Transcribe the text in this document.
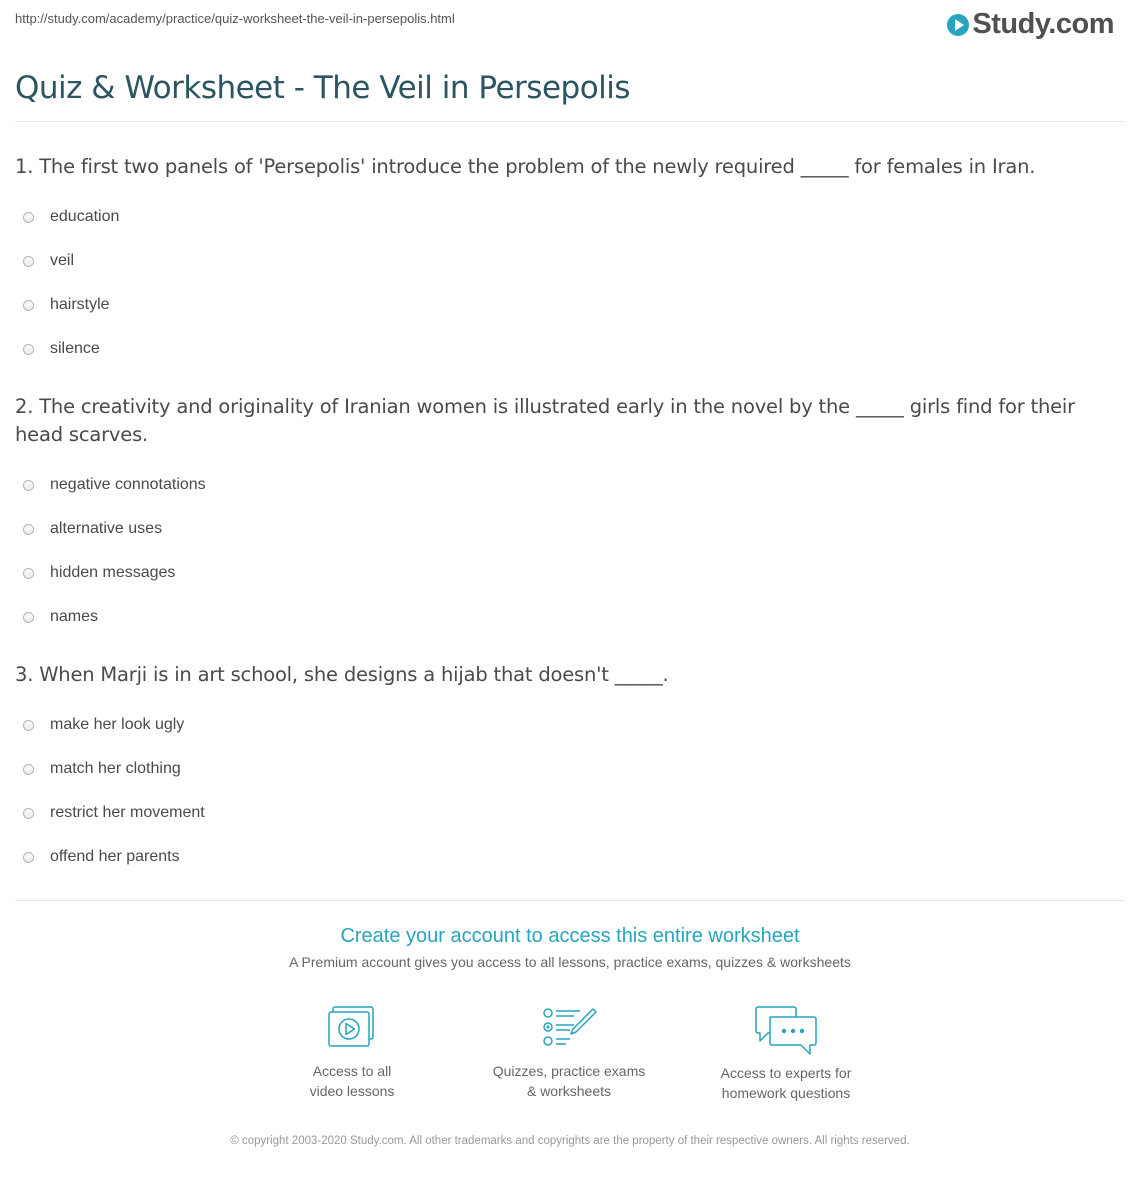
http://study.com/academy/practice/quiz-worksheet-the-veil-in-persepolis.html	Study.com
Quiz & Worksheet - The Veil in Persepolis
1. The first two panels of 'Persepolis' introduce the problem of the newly required _____ for females in Iran.
education
veil
hairstyle
silence
2. The creativity and originality of Iranian women is illustrated early in the novel by the _____ girls find for their head scarves.
negative connotations
alternative uses
hidden messages
names
3. When Marji is in art school, she designs a hijab that doesn't _____.
make her look ugly
match her clothing
restrict her movement
offend her parents
Create your account to access this entire worksheet
A Premium account gives you access to all lessons, practice exams, quizzes & worksheets
Access to all
video lessons
Quizzes, practice exams
& worksheets
Access to experts for
homework questions
© copyright 2003-2020 Study.com. All other trademarks and copyrights are the property of their respective owners. All rights reserved.
